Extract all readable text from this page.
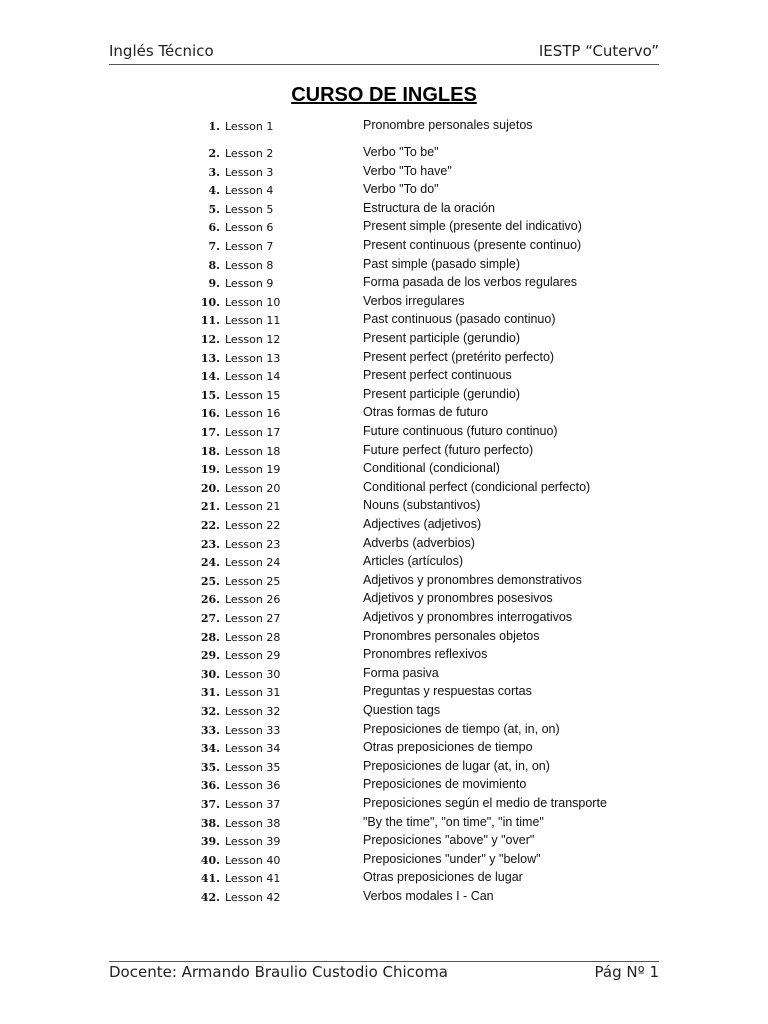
Inglés Técnico	IESTP “Cutervo”
CURSO DE INGLES
1. Lesson 1	Pronombre personales sujetos
2. Lesson 2	Verbo "To be"
3. Lesson 3	Verbo "To have"
4. Lesson 4	Verbo "To do"
5. Lesson 5	Estructura de la oración
6. Lesson 6	Present simple (presente del indicativo)
7. Lesson 7	Present continuous (presente continuo)
8. Lesson 8	Past simple (pasado simple)
9. Lesson 9	Forma pasada de los verbos regulares
10. Lesson 10	Verbos irregulares
11. Lesson 11	Past continuous (pasado continuo)
12. Lesson 12	Present participle (gerundio)
13. Lesson 13	Present perfect (pretérito perfecto)
14. Lesson 14	Present perfect continuous
15. Lesson 15	Present participle (gerundio)
16. Lesson 16	Otras formas de futuro
17. Lesson 17	Future continuous (futuro continuo)
18. Lesson 18	Future perfect (futuro perfecto)
19. Lesson 19	Conditional (condicional)
20. Lesson 20	Conditional perfect (condicional perfecto)
21. Lesson 21	Nouns (substantivos)
22. Lesson 22	Adjectives (adjetivos)
23. Lesson 23	Adverbs (adverbios)
24. Lesson 24	Articles (artículos)
25. Lesson 25	Adjetivos y pronombres demonstrativos
26. Lesson 26	Adjetivos y pronombres posesivos
27. Lesson 27	Adjetivos y pronombres interrogativos
28. Lesson 28	Pronombres personales objetos
29. Lesson 29	Pronombres reflexivos
30. Lesson 30	Forma pasiva
31. Lesson 31	Preguntas y respuestas cortas
32. Lesson 32	Question tags
33. Lesson 33	Preposiciones de tiempo (at, in, on)
34. Lesson 34	Otras preposiciones de tiempo
35. Lesson 35	Preposiciones de lugar (at, in, on)
36. Lesson 36	Preposiciones de movimiento
37. Lesson 37	Preposiciones según el medio de transporte
38. Lesson 38	"By the time", "on time", "in time"
39. Lesson 39	Preposiciones "above" y "over"
40. Lesson 40	Preposiciones "under" y "below"
41. Lesson 41	Otras preposiciones de lugar
42. Lesson 42	Verbos modales I - Can
Docente: Armando Braulio Custodio Chicoma	Pág Nº 1
